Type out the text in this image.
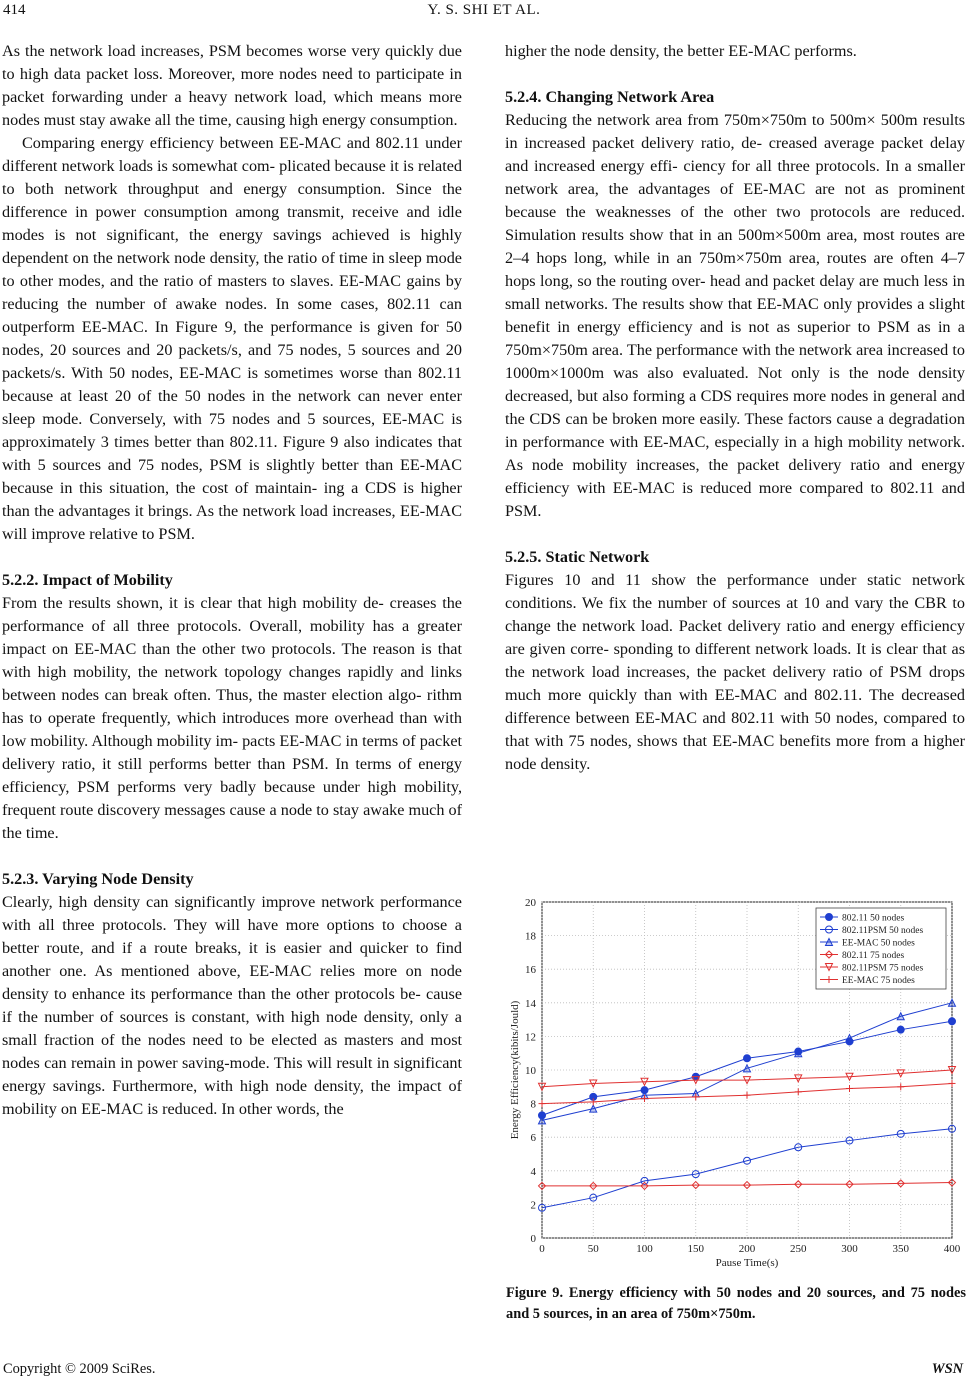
414	Y. S. SHI ET AL.

As the network load increases, PSM becomes worse very quickly due to high data packet loss. Moreover, more nodes need to participate in packet forwarding under a heavy network load, which means more nodes must stay awake all the time, causing high energy consumption.

Comparing energy efficiency between EE-MAC and 802.11 under different network loads is somewhat com- plicated because it is related to both network throughput and energy consumption. Since the difference in power consumption among transmit, receive and idle modes is not significant, the energy savings achieved is highly dependent on the network node density, the ratio of time in sleep mode to other modes, and the ratio of masters to slaves. EE-MAC gains by reducing the number of awake nodes. In some cases, 802.11 can outperform EE-MAC. In Figure 9, the performance is given for 50 nodes, 20 sources and 20 packets/s, and 75 nodes, 5 sources and 20 packets/s. With 50 nodes, EE-MAC is sometimes worse than 802.11 because at least 20 of the 50 nodes in the network can never enter sleep mode. Conversely, with 75 nodes and 5 sources, EE-MAC is approximately 3 times better than 802.11. Figure 9 also indicates that with 5 sources and 75 nodes, PSM is slightly better than EE-MAC because in this situation, the cost of maintain- ing a CDS is higher than the advantages it brings. As the network load increases, EE-MAC will improve relative to PSM.

5.2.2. Impact of Mobility

From the results shown, it is clear that high mobility de- creases the performance of all three protocols. Overall, mobility has a greater impact on EE-MAC than the other two protocols. The reason is that with high mobility, the network topology changes rapidly and links between nodes can break often. Thus, the master election algo- rithm has to operate frequently, which introduces more overhead than with low mobility. Although mobility im- pacts EE-MAC in terms of packet delivery ratio, it still performs better than PSM. In terms of energy efficiency, PSM performs very badly because under high mobility, frequent route discovery messages cause a node to stay awake much of the time.

5.2.3. Varying Node Density

Clearly, high density can significantly improve network performance with all three protocols. They will have more options to choose a better route, and if a route breaks, it is easier and quicker to find another one. As mentioned above, EE-MAC relies more on node density to enhance its performance than the other protocols be- cause if the number of sources is constant, with high node density, only a small fraction of the nodes need to be elected as masters and most nodes can remain in power saving-mode. This will result in significant energy savings. Furthermore, with high node density, the impact of mobility on EE-MAC is reduced. In other words, the

higher the node density, the better EE-MAC performs.

5.2.4. Changing Network Area

Reducing the network area from 750m×750m to 500m× 500m results in increased packet delivery ratio, de- creased average packet delay and increased energy effi- ciency for all three protocols. In a smaller network area, the advantages of EE-MAC are not as prominent because the weaknesses of the other two protocols are reduced. Simulation results show that in an 500m×500m area, most routes are 2–4 hops long, while in an 750m×750m area, routes are often 4–7 hops long, so the routing over- head and packet delay are much less in small networks. The results show that EE-MAC only provides a slight benefit in energy efficiency and is not as superior to PSM as in a 750m×750m area. The performance with the network area increased to 1000m×1000m was also evaluated. Not only is the node density decreased, but also forming a CDS requires more nodes in general and the CDS can be broken more easily. These factors cause a degradation in performance with EE-MAC, especially in a high mobility network. As node mobility increases, the packet delivery ratio and energy efficiency with EE-MAC is reduced more compared to 802.11 and PSM.

5.2.5. Static Network

Figures 10 and 11 show the performance under static network conditions. We fix the number of sources at 10 and vary the CBR to change the network load. Packet delivery ratio and energy efficiency are given corre- sponding to different network loads. It is clear that as the network load increases, the packet delivery ratio of PSM drops much more quickly than with EE-MAC and 802.11. The decreased difference between EE-MAC and 802.11 with 50 nodes, compared to that with 75 nodes, shows that EE-MAC benefits more from a higher node density.

0
2
4
6
8
10
12
14
16
18
20
0	50	100	150	200	250	300	350	400
Pause Time(s)
Energy Efficiency(kibits/Jould)
802.11 50 nodes
802.11PSM 50 nodes
EE-MAC 50 nodes
802.11 75 nodes
802.11PSM 75 nodes
EE-MAC 75 nodes
Figure 9. Energy efficiency with 50 nodes and 20 sources, and 75 nodes and 5 sources, in an area of 750m×750m.
Copyright © 2009 SciRes.	WSN
